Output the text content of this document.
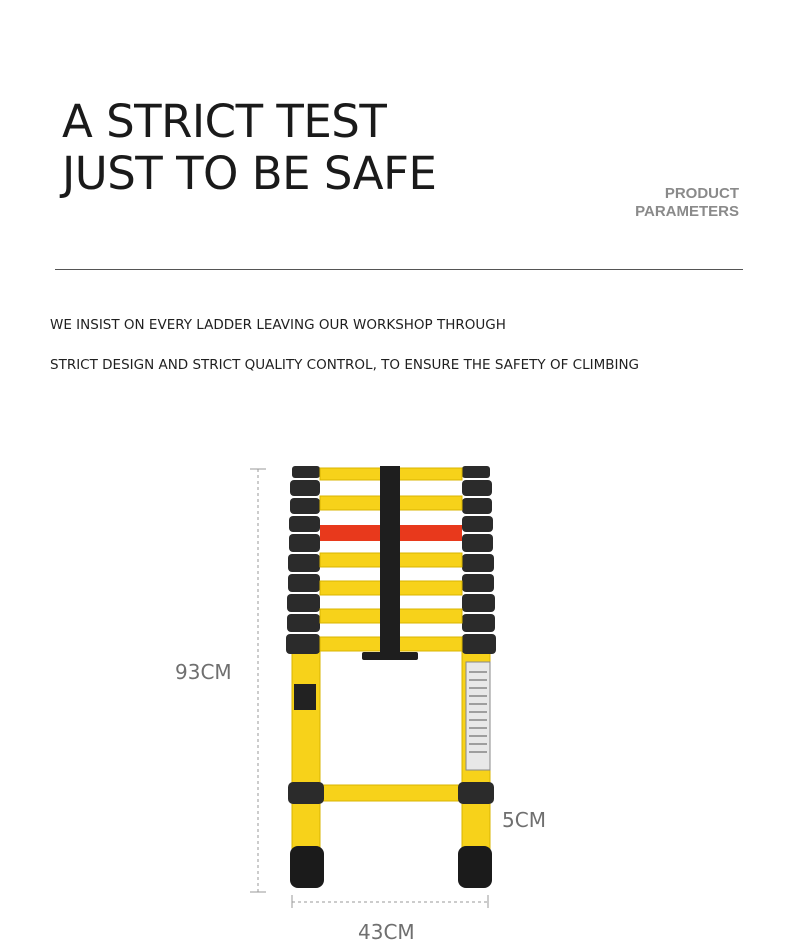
A STRICT TEST
JUST TO BE SAFE	PRODUCT
PARAMETERS
WE INSIST ON EVERY LADDER LEAVING OUR WORKSHOP THROUGH
STRICT DESIGN AND STRICT QUALITY CONTROL, TO ENSURE THE SAFETY OF CLIMBING
93CM
5CM
43CM
